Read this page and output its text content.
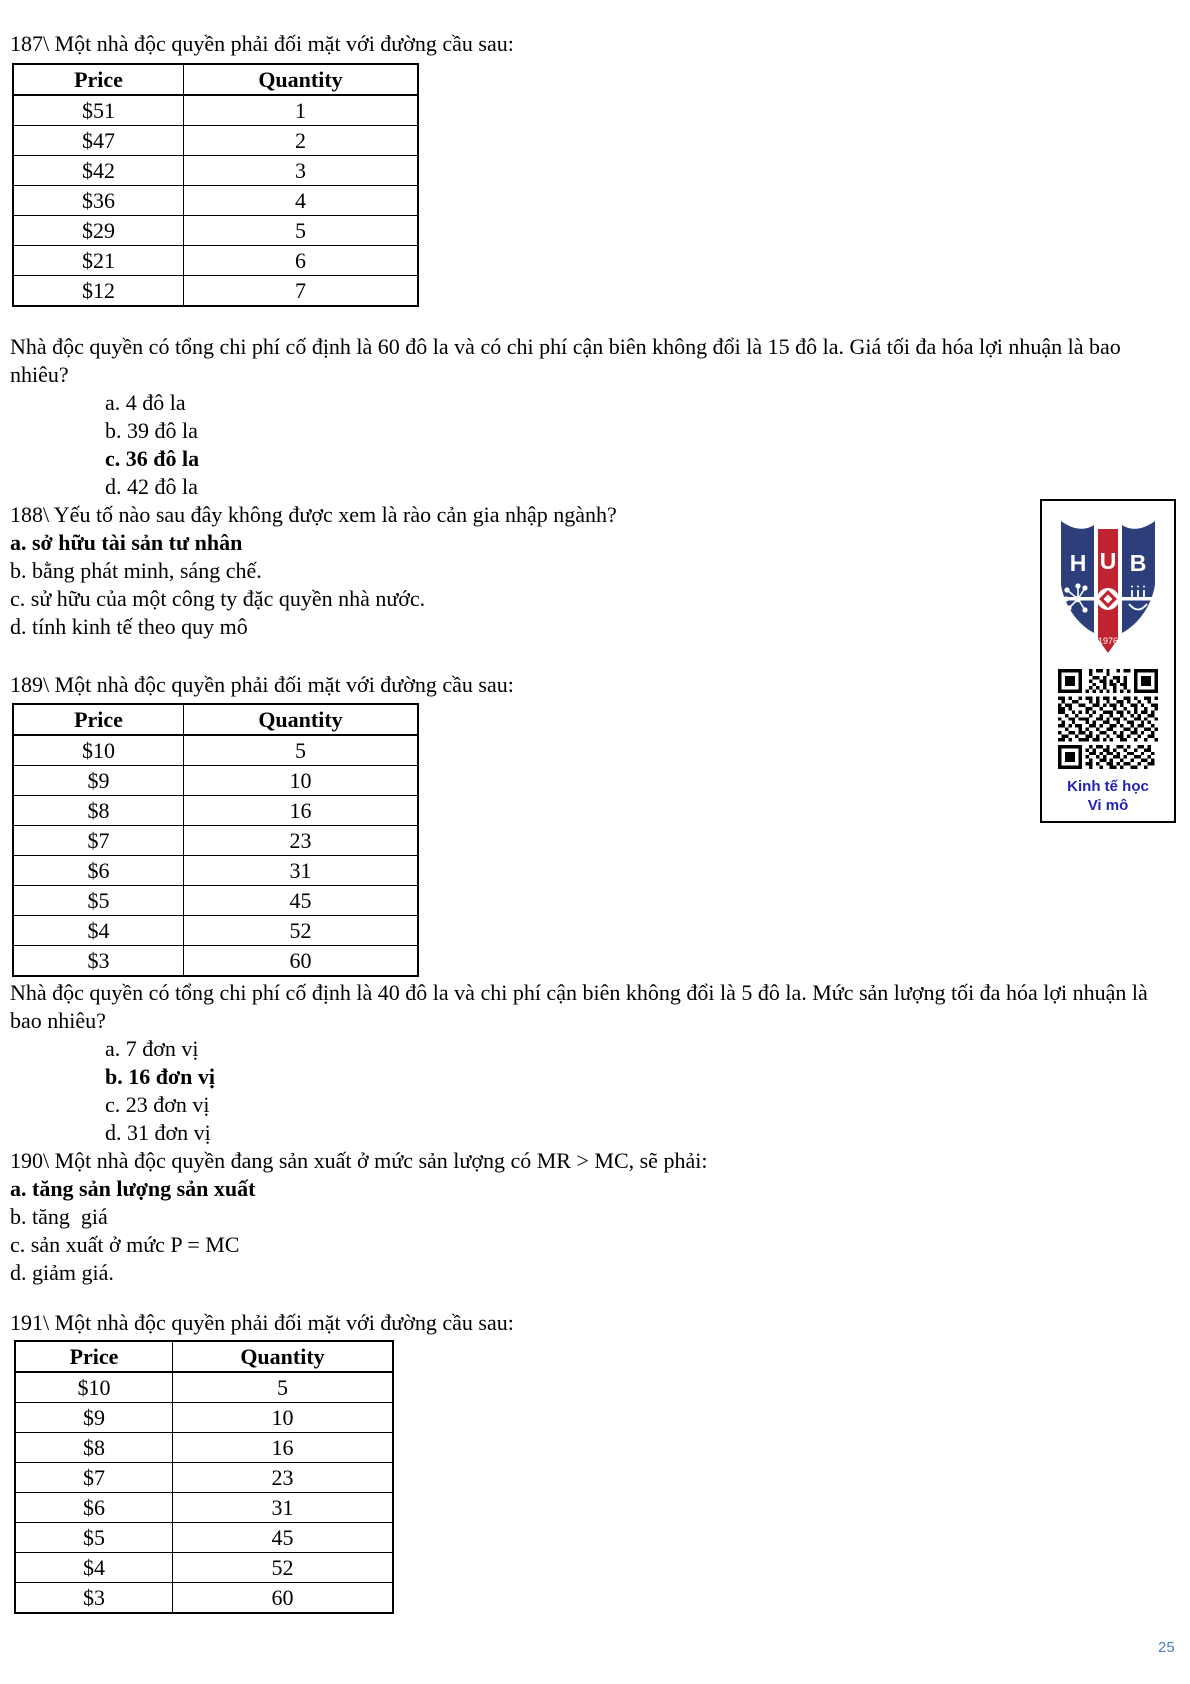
187\ Một nhà độc quyền phải đối mặt với đường cầu sau:
Price	Quantity
$51	1
$47	2
$42	3
$36	4
$29	5
$21	6
$12	7
Nhà độc quyền có tổng chi phí cố định là 60 đô la và có chi phí cận biên không đổi là 15 đô la. Giá tối đa hóa lợi nhuận là bao nhiêu?
a. 4 đô la
b. 39 đô la
c. 36 đô la
d. 42 đô la
188\ Yếu tố nào sau đây không được xem là rào cản gia nhập ngành?
a. sở hữu tài sản tư nhân
b. bằng phát minh, sáng chế.
c. sử hữu của một công ty đặc quyền nhà nước.
d. tính kinh tế theo quy mô
189\ Một nhà độc quyền phải đối mặt với đường cầu sau:
Price	Quantity
$10	5
$9	10
$8	16
$7	23
$6	31
$5	45
$4	52
$3	60
Nhà độc quyền có tổng chi phí cố định là 40 đô la và chi phí cận biên không đổi là 5 đô la. Mức sản lượng tối đa hóa lợi nhuận là bao nhiêu?
a. 7 đơn vị
b. 16 đơn vị
c. 23 đơn vị
d. 31 đơn vị
190\ Một nhà độc quyền đang sản xuất ở mức sản lượng có MR > MC, sẽ phải:
a. tăng sản lượng sản xuất
b. tăng  giá
c. sản xuất ở mức P = MC
d. giảm giá.
191\ Một nhà độc quyền phải đối mặt với đường cầu sau:
Price	Quantity
$10	5
$9	10
$8	16
$7	23
$6	31
$5	45
$4	52
$3	60
H U B
1976
Kinh tế học
Vi mô
25
